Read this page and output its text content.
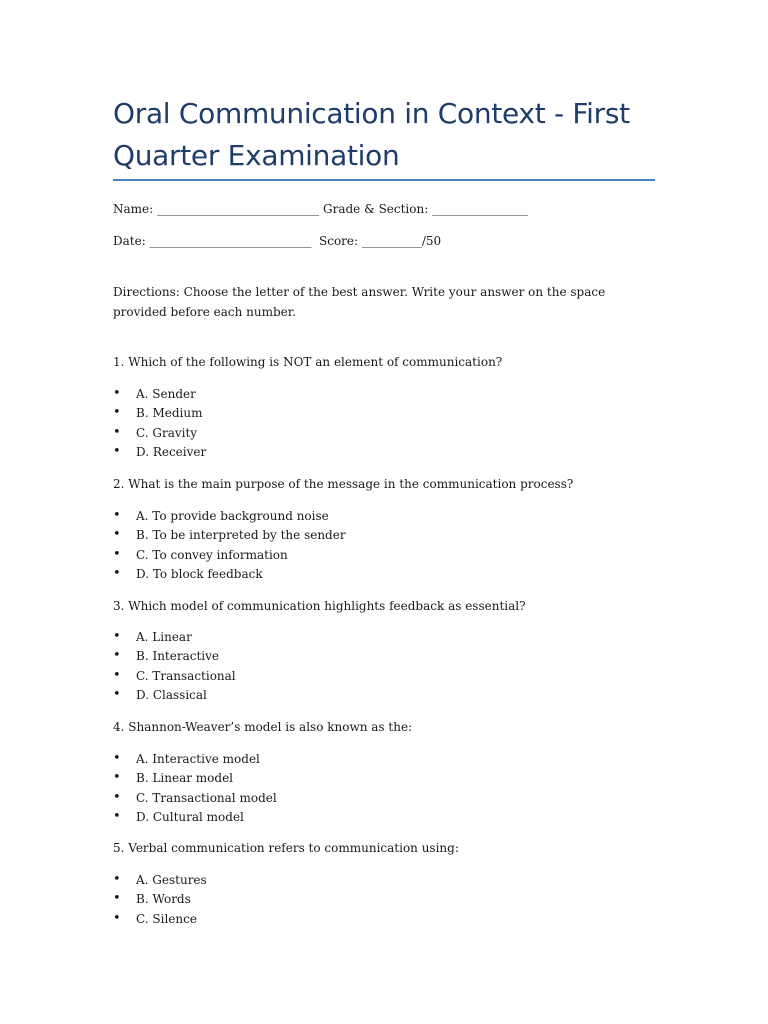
Oral Communication in Context - First Quarter Examination
Name: ___________________________ Grade & Section: ________________
Date: ___________________________ Score: __________/50
Directions: Choose the letter of the best answer. Write your answer on the space provided before each number.
1. Which of the following is NOT an element of communication?
• A. Sender
• B. Medium
• C. Gravity
• D. Receiver
2. What is the main purpose of the message in the communication process?
• A. To provide background noise
• B. To be interpreted by the sender
• C. To convey information
• D. To block feedback
3. Which model of communication highlights feedback as essential?
• A. Linear
• B. Interactive
• C. Transactional
• D. Classical
4. Shannon-Weaver’s model is also known as the:
• A. Interactive model
• B. Linear model
• C. Transactional model
• D. Cultural model
5. Verbal communication refers to communication using:
• A. Gestures
• B. Words
• C. Silence
